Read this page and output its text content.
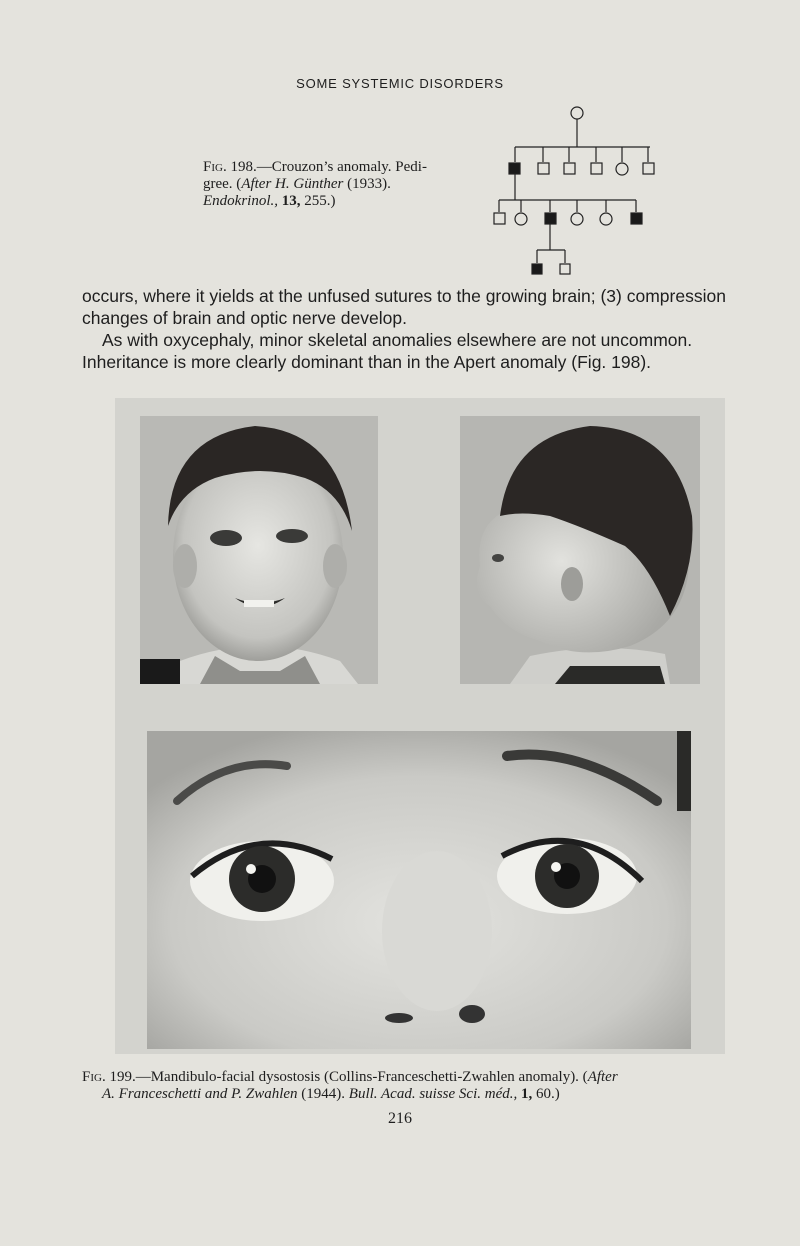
SOME SYSTEMIC DISORDERS
Fig. 198.—Crouzon’s anomaly. Pedi-
gree. (After H. Günther (1933).
Endokrinol., 13, 255.)

occurs, where it yields at the unfused sutures to the growing brain; (3) compression

changes of brain and optic nerve develop.

As with oxycephaly, minor skeletal anomalies elsewhere are not uncommon.

Inheritance is more clearly dominant than in the Apert anomaly (Fig. 198).

Fig. 199.—Mandibulo-facial dysostosis (Collins-Franceschetti-Zwahlen anomaly). (After
A. Franceschetti and P. Zwahlen (1944). Bull. Acad. suisse Sci. méd., 1, 60.)
216
